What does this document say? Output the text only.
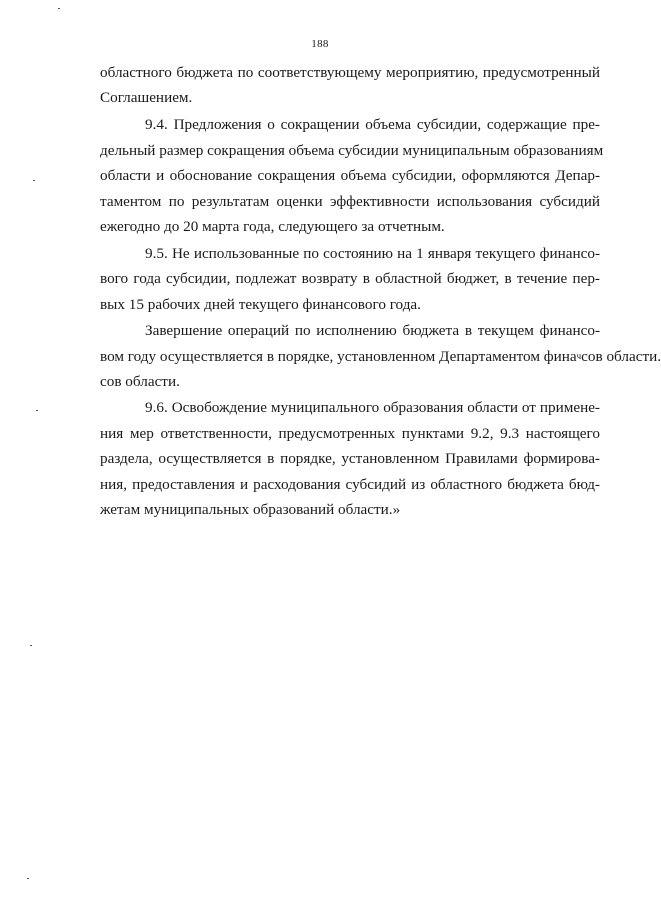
188
областного бюджета по соответствующему мероприятию, предусмотренный
Соглашением.
9.4. Предложения о сокращении объема субсидии, содержащие пре-
дельный размер сокращения объема субсидии муниципальным образованиям
области и обоснование сокращения объема субсидии, оформляются Депар-
таментом по результатам оценки эффективности использования субсидий
ежегодно до 20 марта года, следующего за отчетным.
9.5. Не использованные по состоянию на 1 января текущего финансо-
вого года субсидии, подлежат возврату в областной бюджет, в течение пер-
вых 15 рабочих дней текущего финансового года.
Завершение операций по исполнению бюджета в текущем финансо-
вом году осуществляется в порядке, установленном Департаментом финачсов области.
сов области.
9.6. Освобождение муниципального образования области от примене-
ния мер ответственности, предусмотренных пунктами 9.2, 9.3 настоящего
раздела, осуществляется в порядке, установленном Правилами формирова-
ния, предоставления и расходования субсидий из областного бюджета бюд-
жетам муниципальных образований области.»
